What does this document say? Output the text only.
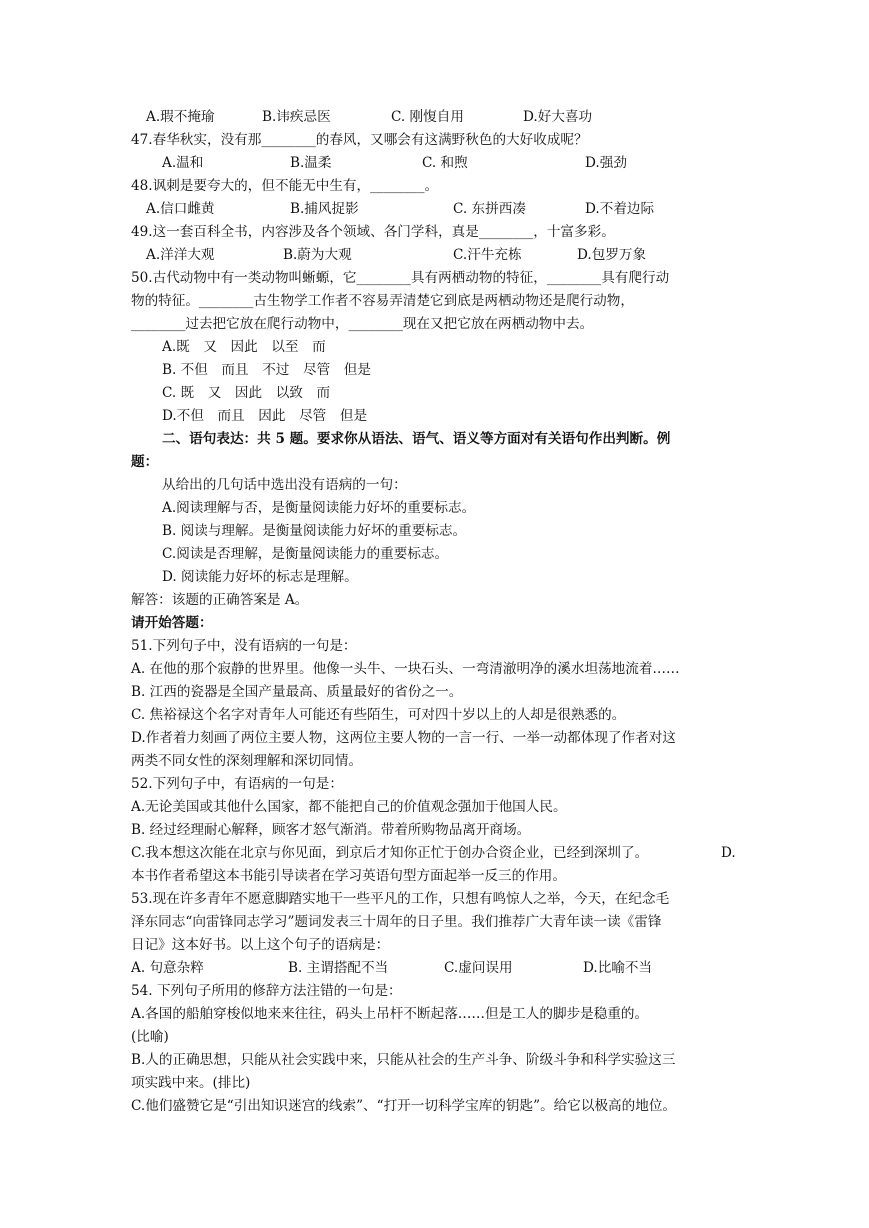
A.瑕不掩瑜	B.讳疾忌医	C. 刚愎自用	D.好大喜功
47.春华秋实，没有那________的春风，又哪会有这满野秋色的大好收成呢？
A.温和	B.温柔	C. 和煦	D.强劲
48.讽刺是要夸大的，但不能无中生有，________。
A.信口雌黄	B.捕风捉影	C. 东拼西凑	D.不着边际
49.这一套百科全书，内容涉及各个领域、各门学科，真是________，十富多彩。
A.洋洋大观	B.蔚为大观	C.汗牛充栋	D.包罗万象
50.古代动物中有一类动物叫蜥螈，它________具有两栖动物的特征，________具有爬行动
物的特征。________古生物学工作者不容易弄清楚它到底是两栖动物还是爬行动物，
________过去把它放在爬行动物中，________现在又把它放在两栖动物中去。
A.既　又　因此　以至　而
B. 不但　而且　不过　尽管　但是
C. 既　又　因此　以致　而
D.不但　而且　因此　尽管　但是
二、语句表达：共 5 题。要求你从语法、语气、语义等方面对有关语句作出判断。例
题：
从给出的几句话中选出没有语病的一句：
A.阅读理解与否，是衡量阅读能力好坏的重要标志。
B. 阅读与理解。是衡量阅读能力好坏的重要标志。
C.阅读是否理解，是衡量阅读能力的重要标志。
D. 阅读能力好坏的标志是理解。
解答：该题的正确答案是 A。
请开始答题：
51.下列句子中，没有语病的一句是：
A. 在他的那个寂静的世界里。他像一头牛、一块石头、一弯清澈明净的溪水坦荡地流着……
B. 江西的瓷器是全国产量最高、质量最好的省份之一。
C. 焦裕禄这个名字对青年人可能还有些陌生，可对四十岁以上的人却是很熟悉的。
D.作者着力刻画了两位主要人物，这两位主要人物的一言一行、一举一动都体现了作者对这
两类不同女性的深刻理解和深切同情。
52.下列句子中，有语病的一句是：
A.无论美国或其他什么国家，都不能把自己的价值观念强加于他国人民。
B. 经过经理耐心解释，顾客才怒气渐消。带着所购物品离开商场。
C.我本想这次能在北京与你见面，到京后才知你正忙于创办合资企业，已经到深圳了。	D.
本书作者希望这本书能引导读者在学习英语句型方面起举一反三的作用。
53.现在许多青年不愿意脚踏实地干一些平凡的工作，只想有鸣惊人之举，今天，在纪念毛
泽东同志“向雷锋同志学习”题词发表三十周年的日子里。我们推荐广大青年读一读《雷锋
日记》这本好书。以上这个句子的语病是：
A. 句意杂粹	B. 主谓搭配不当	C.虚问误用	D.比喻不当
54. 下列句子所用的修辞方法注错的一句是：
A.各国的船舶穿梭似地来来往往，码头上吊杆不断起落……但是工人的脚步是稳重的。
(比喻)
B.人的正确思想，只能从社会实践中来，只能从社会的生产斗争、阶级斗争和科学实验这三
项实践中来。(排比)
C.他们盛赞它是“引出知识迷宫的线索”、“打开一切科学宝库的钥匙”。给它以极高的地位。
